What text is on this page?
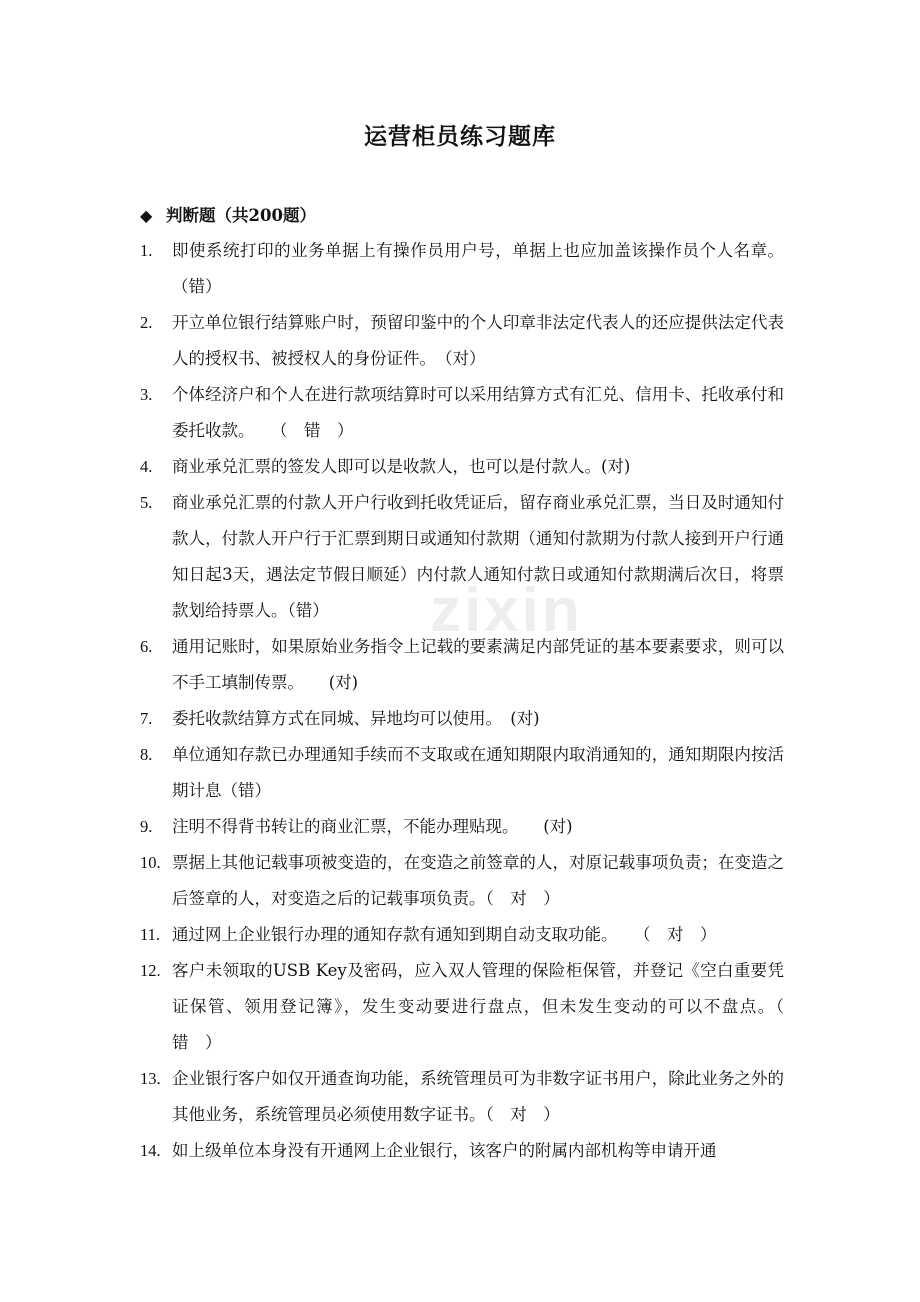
zixin
运营柜员练习题库
◆ 判断题（共200题）
1.	即使系统打印的业务单据上有操作员用户号，单据上也应加盖该操作员个人名章。（错）
2.	开立单位银行结算账户时，预留印鉴中的个人印章非法定代表人的还应提供法定代表人的授权书、被授权人的身份证件。　（对）
3.	个体经济户和个人在进行款项结算时可以采用结算方式有汇兑、信用卡、托收承付和委托收款。　　（　错　）
4.	商业承兑汇票的签发人即可以是收款人，也可以是付款人。(对)
5.	商业承兑汇票的付款人开户行收到托收凭证后，留存商业承兑汇票，当日及时通知付款人，付款人开户行于汇票到期日或通知付款期（通知付款期为付款人接到开户行通知日起3天，遇法定节假日顺延）内付款人通知付款日或通知付款期满后次日，将票款划给持票人。（错）
6.	通用记账时，如果原始业务指令上记载的要素满足内部凭证的基本要素要求，则可以不手工填制传票。　　(对)
7.	委托收款结算方式在同城、异地均可以使用。　(对)
8.	单位通知存款已办理通知手续而不支取或在通知期限内取消通知的，通知期限内按活期计息（错）
9.	注明不得背书转让的商业汇票，不能办理贴现。　　(对)
10. 票据上其他记载事项被变造的，在变造之前签章的人，对原记载事项负责；在变造之后签章的人，对变造之后的记载事项负责。（　对　）
11. 通过网上企业银行办理的通知存款有通知到期自动支取功能。　　（　对　）
12. 客户未领取的USB Key及密码，应入双人管理的保险柜保管，并登记《空白重要凭证保管、领用登记簿》，发生变动要进行盘点，但未发生变动的可以不盘点。（　错　）
13. 企业银行客户如仅开通查询功能，系统管理员可为非数字证书用户，除此业务之外的其他业务，系统管理员必须使用数字证书。（　对　）
14. 如上级单位本身没有开通网上企业银行，该客户的附属内部机构等申请开通
